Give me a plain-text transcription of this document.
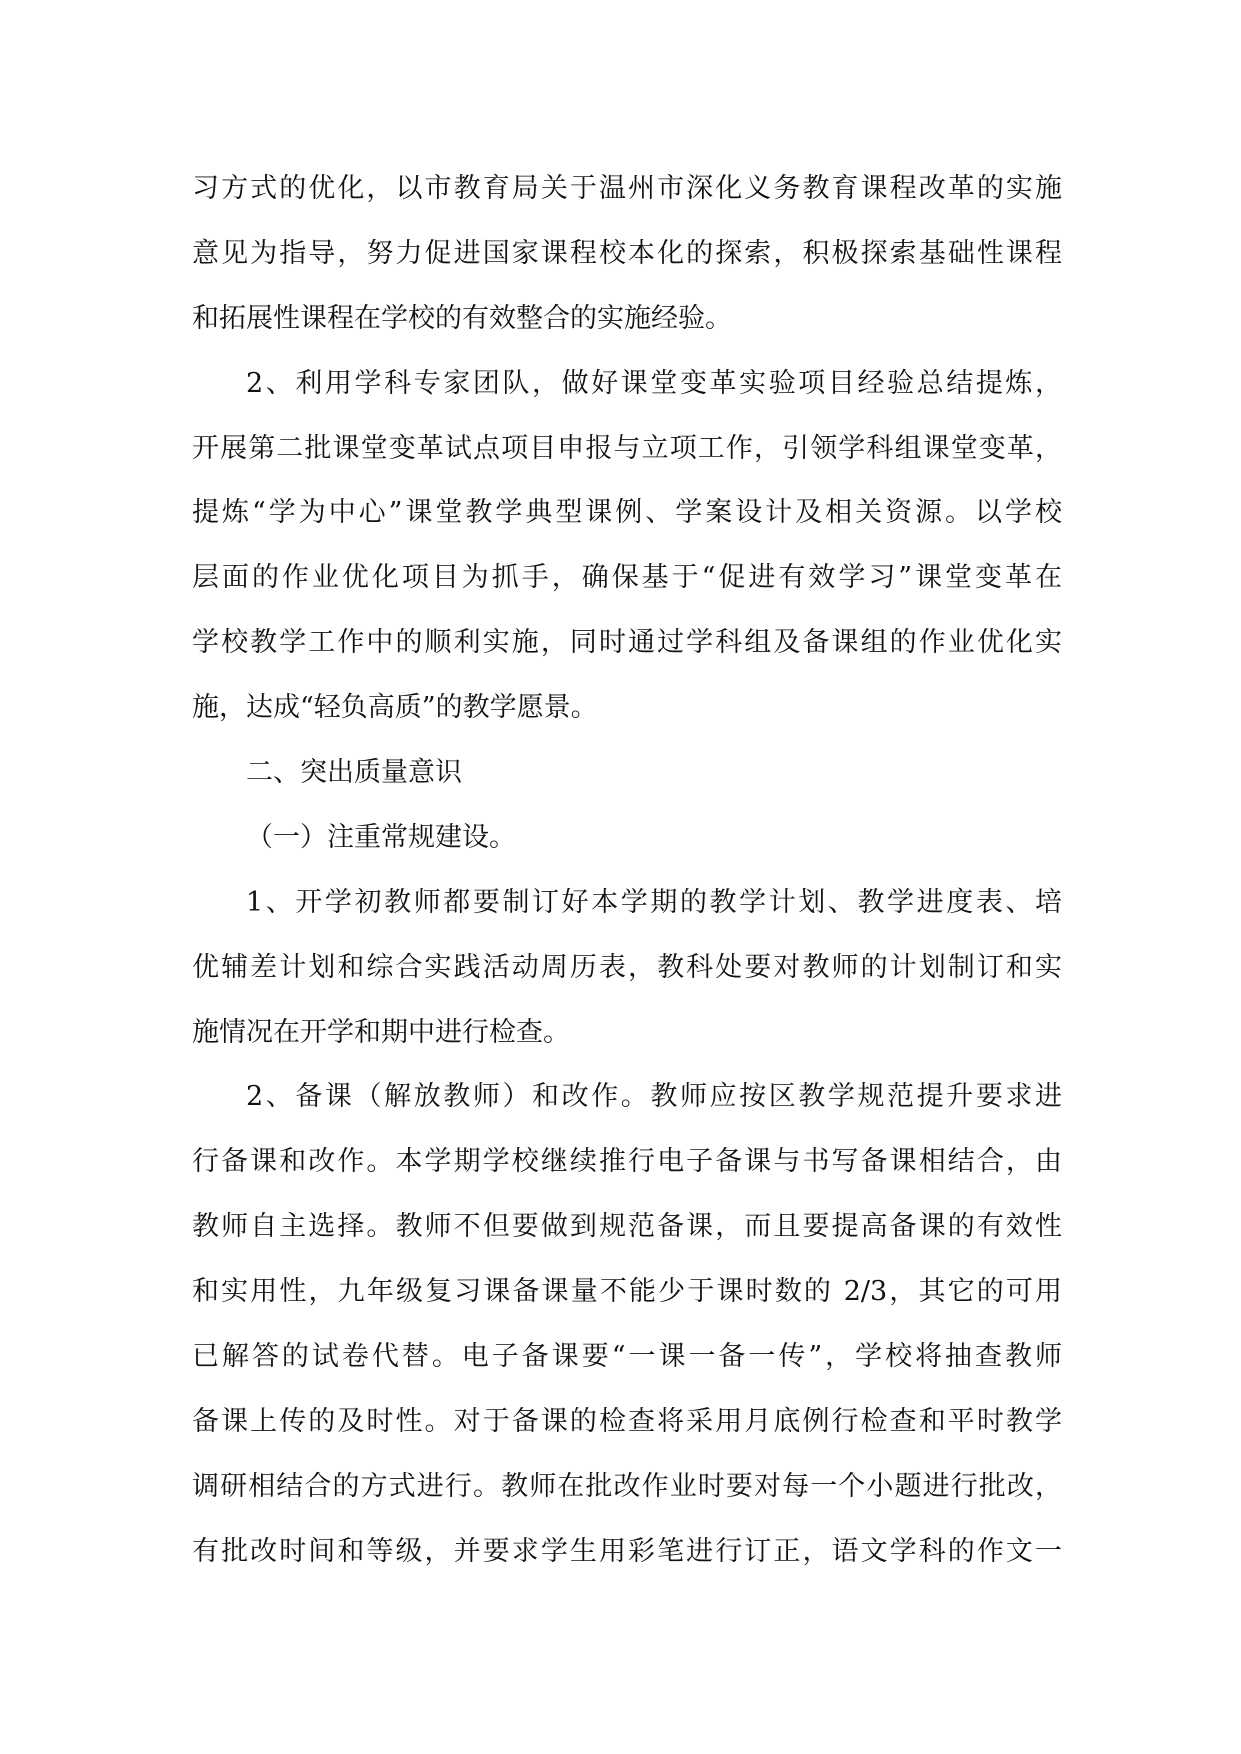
习方式的优化，以市教育局关于温州市深化义务教育课程改革的实施
意见为指导，努力促进国家课程校本化的探索，积极探索基础性课程
和拓展性课程在学校的有效整合的实施经验。
2、利用学科专家团队，做好课堂变革实验项目经验总结提炼，
开展第二批课堂变革试点项目申报与立项工作，引领学科组课堂变革，
提炼“学为中心”课堂教学典型课例、学案设计及相关资源。以学校
层面的作业优化项目为抓手，确保基于“促进有效学习”课堂变革在
学校教学工作中的顺利实施，同时通过学科组及备课组的作业优化实
施，达成“轻负高质”的教学愿景。
二、突出质量意识
（一）注重常规建设。
1、开学初教师都要制订好本学期的教学计划、教学进度表、培
优辅差计划和综合实践活动周历表，教科处要对教师的计划制订和实
施情况在开学和期中进行检查。
2、备课（解放教师）和改作。教师应按区教学规范提升要求进
行备课和改作。本学期学校继续推行电子备课与书写备课相结合，由
教师自主选择。教师不但要做到规范备课，而且要提高备课的有效性
和实用性，九年级复习课备课量不能少于课时数的 2/3，其它的可用
已解答的试卷代替。电子备课要“一课一备一传”，学校将抽查教师
备课上传的及时性。对于备课的检查将采用月底例行检查和平时教学
调研相结合的方式进行。教师在批改作业时要对每一个小题进行批改，
有批改时间和等级，并要求学生用彩笔进行订正，语文学科的作文一
